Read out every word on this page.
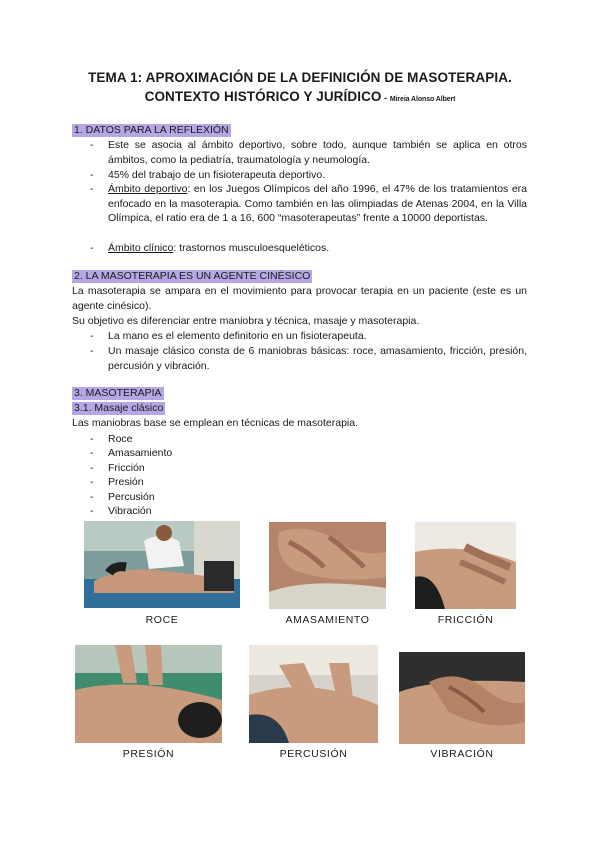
TEMA 1: APROXIMACIÓN DE LA DEFINICIÓN DE MASOTERAPIA.
CONTEXTO HISTÓRICO Y JURÍDICO - Mireia Alonso Albert
1. DATOS PARA LA REFLEXIÓN
- Este se asocia al ámbito deportivo, sobre todo, aunque también se aplica en otros ámbitos, como la pediatría, traumatología y neumología.
- 45% del trabajo de un fisioterapeuta deportivo.
- Ámbito deportivo: en los Juegos Olímpicos del año 1996, el 47% de los tratamientos era enfocado en la masoterapia. Como también en las olimpiadas de Atenas 2004, en la Villa Olímpica, el ratio era de 1 a 16, 600 “masoterapeutas” frente a 10000 deportistas.
- Ámbito clínico: trastornos musculoesqueléticos.
2. LA MASOTERAPIA ES UN AGENTE CINÉSICO
La masoterapia se ampara en el movimiento para provocar terapia en un paciente (este es un agente cinésico).
Su objetivo es diferenciar entre maniobra y técnica, masaje y masoterapia.
- La mano es el elemento definitorio en un fisioterapeuta.
- Un masaje clásico consta de 6 maniobras básicas: roce, amasamiento, fricción, presión, percusión y vibración.
3. MASOTERAPIA
3.1. Masaje clásico
Las maniobras base se emplean en técnicas de masoterapia.
- Roce
- Amasamiento
- Fricción
- Presión
- Percusión
- Vibración
ROCE	AMASAMIENTO	FRICCIÓN
PRESIÓN	PERCUSIÓN	VIBRACIÓN
